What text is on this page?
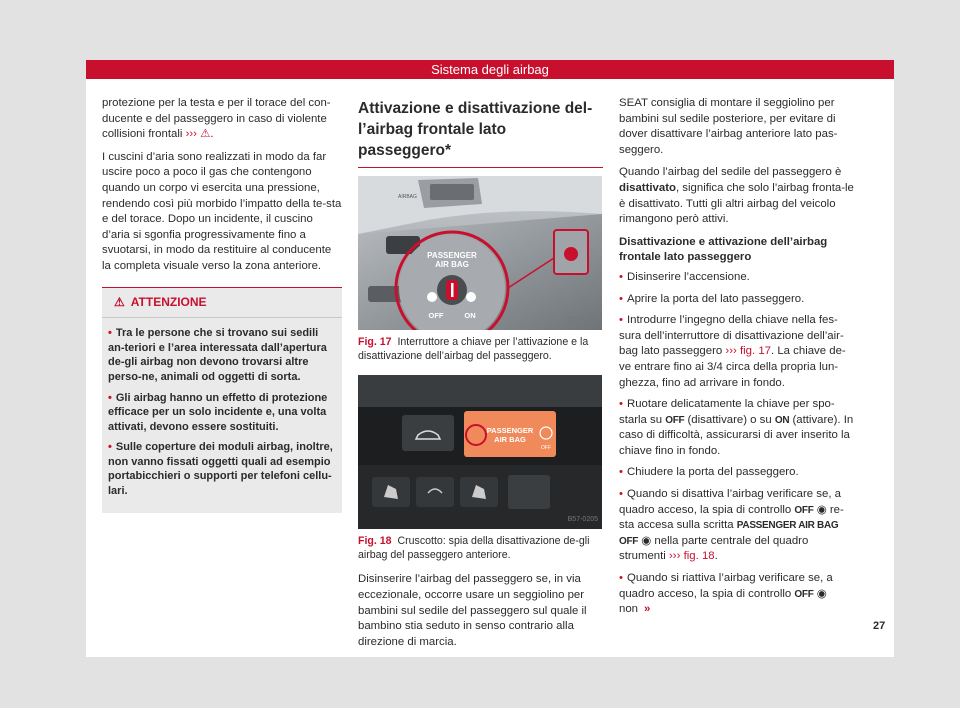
Sistema degli airbag

protezione per la testa e per il torace del con-ducente e del passeggero in caso di violente collisioni frontali ››› ⚠.

I cuscini d’aria sono realizzati in modo da far uscire poco a poco il gas che contengono quando un corpo vi esercita una pressione, rendendo così più morbido l’impatto della te-sta e del torace. Dopo un incidente, il cuscino d’aria si sgonfia progressivamente fino a svuotarsi, in modo da restituire al conducente la completa visuale verso la zona anteriore.

⚠ ATTENZIONE

• Tra le persone che si trovano sui sedili an-teriori e l’area interessata dall’apertura de-gli airbag non devono trovarsi altre perso-ne, animali od oggetti di sorta.

• Gli airbag hanno un effetto di protezione efficace per un solo incidente e, una volta attivati, devono essere sostituiti.

• Sulle coperture dei moduli airbag, inoltre, non vanno fissati oggetti quali ad esempio portabicchieri o supporti per telefoni cellu-lari.

Attivazione e disattivazione del-l’airbag frontale lato passeggero*
AIRBAG
PASSENGER
AIR BAG
OFF	ON	B57-0226

Fig. 17 Interruttore a chiave per l’attivazione e la disattivazione dell’airbag del passeggero.

PASSENGER
AIR BAG
OFF
B57-0205

Fig. 18 Cruscotto: spia della disattivazione de-gli airbag del passeggero anteriore.

Disinserire l’airbag del passeggero se, in via eccezionale, occorre usare un seggiolino per bambini sul sedile del passeggero sul quale il bambino stia seduto in senso contrario alla direzione di marcia.

SEAT consiglia di montare il seggiolino per bambini sul sedile posteriore, per evitare di dover disattivare l’airbag anteriore lato pas-seggero.

Quando l’airbag del sedile del passeggero è disattivato, significa che solo l’airbag fronta-le è disattivato. Tutti gli altri airbag del veicolo rimangono però attivi.

Disattivazione e attivazione dell’airbag frontale lato passeggero

• Disinserire l’accensione.

• Aprire la porta del lato passeggero.

• Introdurre l’ingegno della chiave nella fes-sura dell’interruttore di disattivazione dell’air-bag lato passeggero ››› fig. 17. La chiave de-ve entrare fino ai 3/4 circa della propria lun-ghezza, fino ad arrivare in fondo.

• Ruotare delicatamente la chiave per spo-starla su OFF (disattivare) o su ON (attivare). In caso di difficoltà, assicurarsi di aver inserito la chiave fino in fondo.

• Chiudere la porta del passeggero.

• Quando si disattiva l’airbag verificare se, a quadro acceso, la spia di controllo OFF ◉ re-sta accesa sulla scritta PASSENGER AIR BAG OFF ◉ nella parte centrale del quadro strumenti ››› fig. 18.

• Quando si riattiva l’airbag verificare se, a quadro acceso, la spia di controllo OFF ◉ non »

27
